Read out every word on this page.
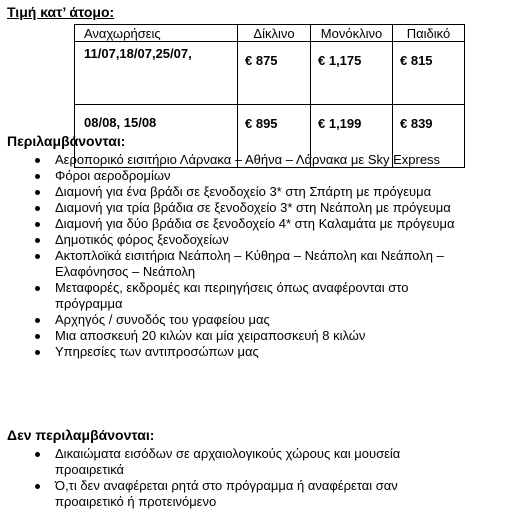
Τιμή κατ’ άτομο:
Αναχωρήσεις	Δίκλινο	Μονόκλινο	Παιδικό
11/07,18/07,25/07,	€ 875	€ 1,175	€ 815
08/08, 15/08	€ 895	€ 1,199	€ 839
Περιλαμβάνονται:
Αεροπορικό εισιτήριο Λάρνακα – Αθήνα – Λάρνακα με Sky Express
Φόροι αεροδρομίων
Διαμονή για ένα βράδι σε ξενοδοχείο 3* στη Σπάρτη με πρόγευμα
Διαμονή για τρία βράδια σε ξενοδοχείο 3* στη Νεάπολη με πρόγευμα
Διαμονή για δύο βράδια σε ξενοδοχείο 4* στη Καλαμάτα με πρόγευμα
Δημοτικός φόρος ξενοδοχείων
Ακτοπλοϊκά εισιτήρια Νεάπολη – Κύθηρα – Νεάπολη και Νεάπολη – Ελαφόνησος – Νεάπολη
Μεταφορές, εκδρομές και περιηγήσεις όπως αναφέρονται στο πρόγραμμα
Αρχηγός / συνοδός του γραφείου μας
Μια αποσκευή 20 κιλών και μία χειραποσκευή 8 κιλών
Υπηρεσίες των αντιπροσώπων μας
Δεν περιλαμβάνονται:
Δικαιώματα εισόδων σε αρχαιολογικούς χώρους και μουσεία προαιρετικά
Ό,τι δεν αναφέρεται ρητά στο πρόγραμμα ή αναφέρεται σαν προαιρετικό ή προτεινόμενο
